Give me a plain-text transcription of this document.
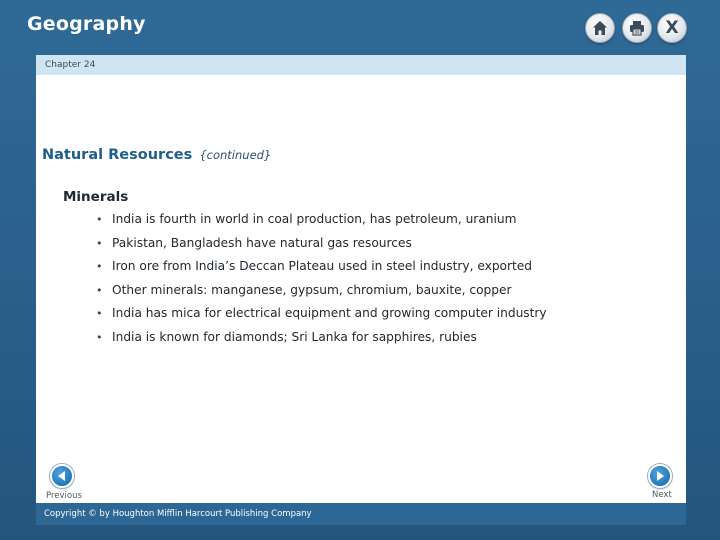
Geography	X
Chapter 24
Natural Resources {continued}
Minerals
• India is fourth in world in coal production, has petroleum, uranium
• Pakistan, Bangladesh have natural gas resources
• Iron ore from India’s Deccan Plateau used in steel industry, exported
• Other minerals: manganese, gypsum, chromium, bauxite, copper
• India has mica for electrical equipment and growing computer industry
• India is known for diamonds; Sri Lanka for sapphires, rubies
Previous	Next
Copyright © by Houghton Mifflin Harcourt Publishing Company
